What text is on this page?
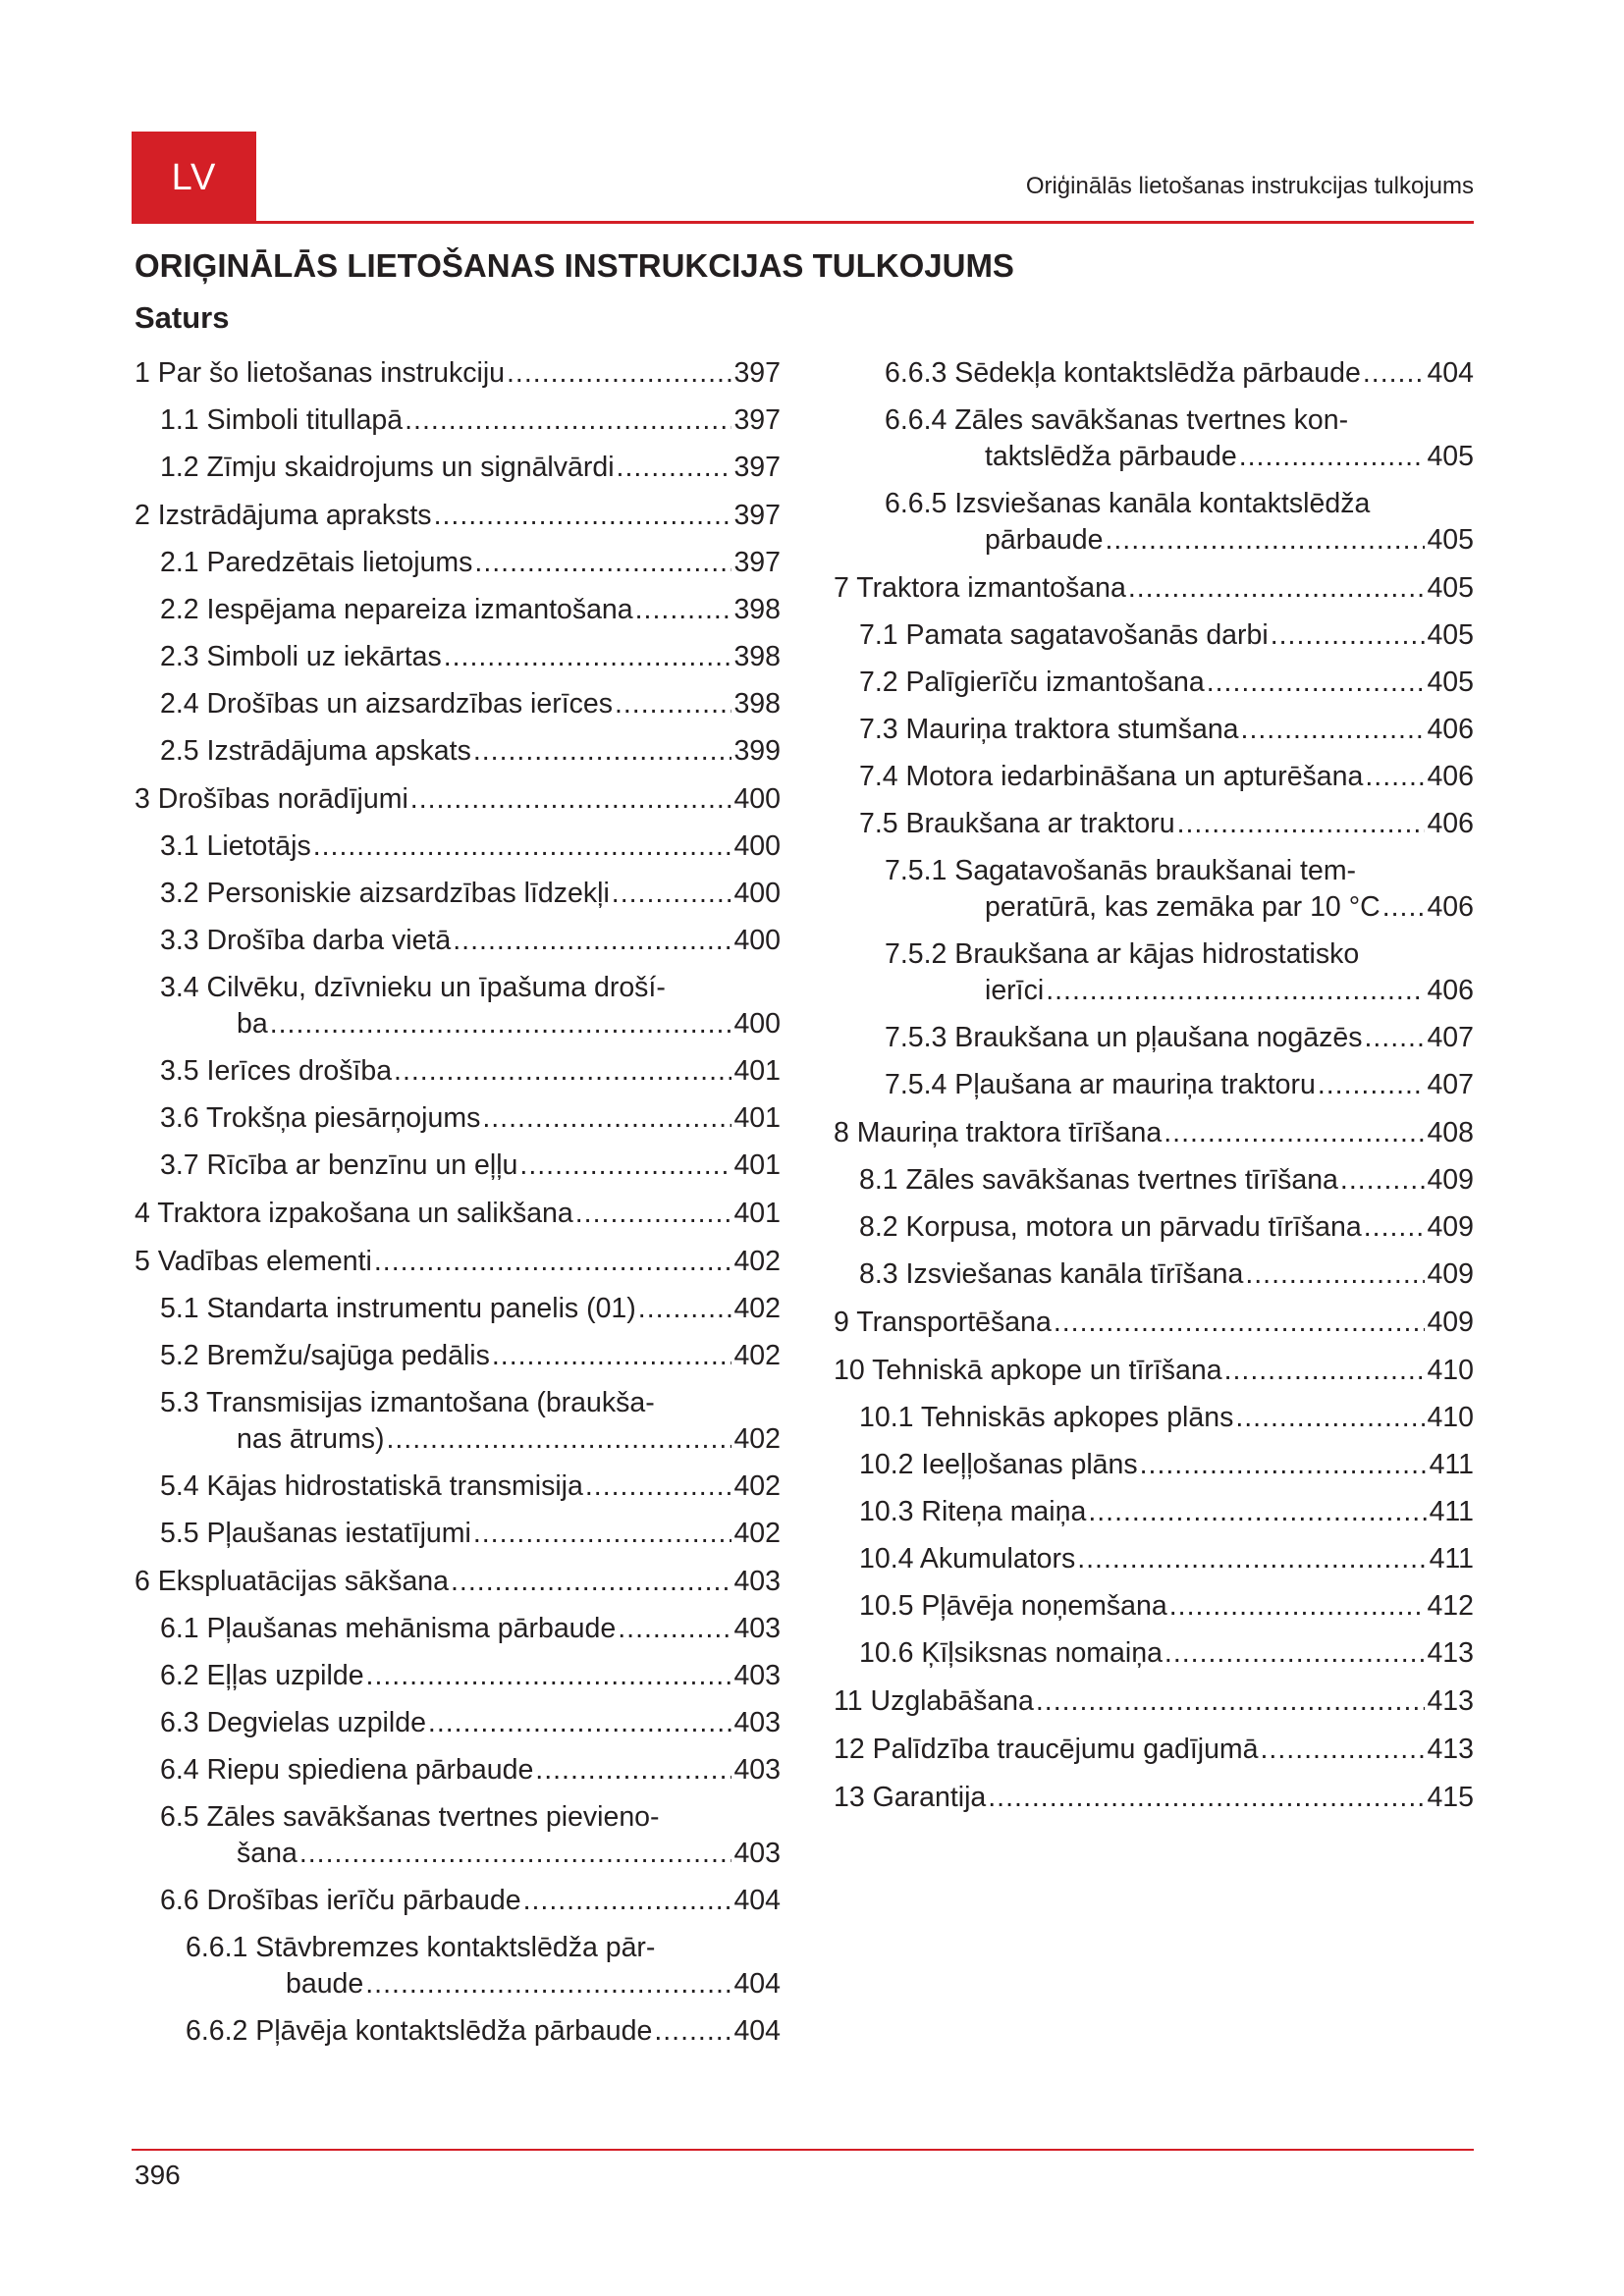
LV	Oriģinālās lietošanas instrukcijas tulkojums
ORIĢINĀLĀS LIETOŠANAS INSTRUKCIJAS TULKOJUMS
Saturs
1 Par šo lietošanas instrukciju .....	397
1.1 Simboli titullapā .....	397
1.2 Zīmju skaidrojums un signālvārdi .....	397
2 Izstrādājuma apraksts .....	397
2.1 Paredzētais lietojums .....	397
2.2 Iespējama nepareiza izmantošana .....	398
2.3 Simboli uz iekārtas .....	398
2.4 Drošības un aizsardzības ierīces .....	398
2.5 Izstrādājuma apskats .....	399
3 Drošības norādījumi .....	400
3.1 Lietotājs .....	400
3.2 Personiskie aizsardzības līdzekļi .....	400
3.3 Drošība darba vietā .....	400
3.4 Cilvēku, dzīvnieku un īpašuma droší-
ba .....	400
3.5 Ierīces drošība .....	401
3.6 Trokšņa piesārņojums .....	401
3.7 Rīcība ar benzīnu un eļļu .....	401
4 Traktora izpakošana un salikšana .....	401
5 Vadības elementi .....	402
5.1 Standarta instrumentu panelis (01) .....	402
5.2 Bremžu/sajūga pedālis .....	402
5.3 Transmisijas izmantošana (braukša-
nas ātrums) .....	402
5.4 Kājas hidrostatiskā transmisija .....	402
5.5 Pļaušanas iestatījumi .....	402
6 Ekspluatācijas sākšana .....	403
6.1 Pļaušanas mehānisma pārbaude .....	403
6.2 Eļļas uzpilde .....	403
6.3 Degvielas uzpilde .....	403
6.4 Riepu spiediena pārbaude .....	403
6.5 Zāles savākšanas tvertnes pievieno-
šana .....	403
6.6 Drošības ierīču pārbaude .....	404
6.6.1 Stāvbremzes kontaktslēdža pār-
baude .....	404
6.6.2 Pļāvēja kontaktslēdža pārbaude .....	404
6.6.3 Sēdekļa kontaktslēdža pārbaude ..... 404
6.6.4 Zāles savākšanas tvertnes kon-
taktslēdža pārbaude .....	405
6.6.5 Izsviešanas kanāla kontaktslēdža
pārbaude .....	405
7 Traktora izmantošana .....	405
7.1 Pamata sagatavošanās darbi .....	405
7.2 Palīgierīču izmantošana .....	405
7.3 Mauriņa traktora stumšana .....	406
7.4 Motora iedarbināšana un apturēšana ..... 406
7.5 Braukšana ar traktoru .....	406
7.5.1 Sagatavošanās braukšanai tem-
peratūrā, kas zemāka par 10 °C ..... 406
7.5.2 Braukšana ar kājas hidrostatisko
ierīci .....	406
7.5.3 Braukšana un pļaušana nogāzēs ..... 407
7.5.4 Pļaušana ar mauriņa traktoru .....	407
8 Mauriņa traktora tīrīšana .....	408
8.1 Zāles savākšanas tvertnes tīrīšana .....	409
8.2 Korpusa, motora un pārvadu tīrīšana ..... 409
8.3 Izsviešanas kanāla tīrīšana .....	409
9 Transportēšana .....	409
10 Tehniskā apkope un tīrīšana .....	410
10.1 Tehniskās apkopes plāns .....	410
10.2 Ieeļļošanas plāns .....	411
10.3 Riteņa maiņa .....	411
10.4 Akumulators .....	411
10.5 Pļāvēja noņemšana .....	412
10.6 Ķīļsiksnas nomaiņa .....	413
11 Uzglabāšana .....	413
12 Palīdzība traucējumu gadījumā .....	413
13 Garantija .....	415
396
